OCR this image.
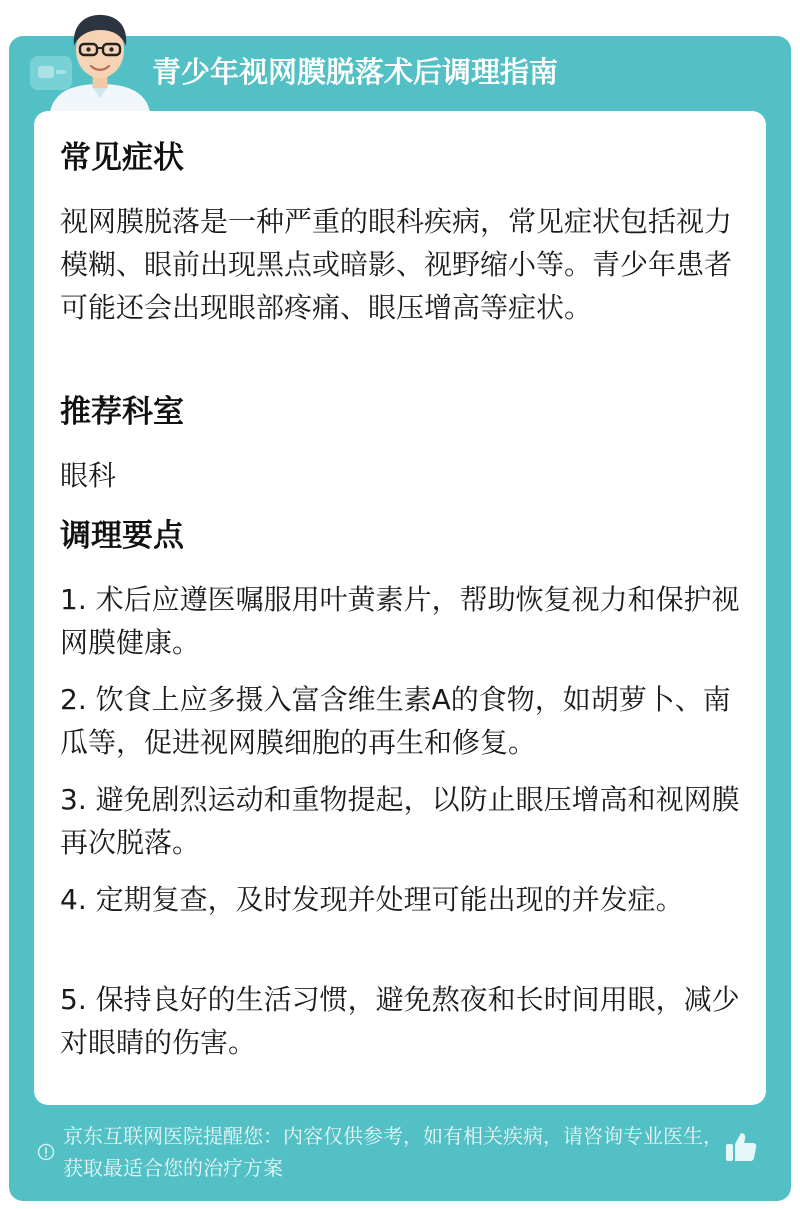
青少年视网膜脱落术后调理指南
常见症状
视网膜脱落是一种严重的眼科疾病，常见症状包括视力模糊、眼前出现黑点或暗影、视野缩小等。青少年患者可能还会出现眼部疼痛、眼压增高等症状。
推荐科室
眼科
调理要点
1. 术后应遵医嘱服用叶黄素片，帮助恢复视力和保护视网膜健康。
2. 饮食上应多摄入富含维生素A的食物，如胡萝卜、南瓜等，促进视网膜细胞的再生和修复。
3. 避免剧烈运动和重物提起，以防止眼压增高和视网膜再次脱落。
4. 定期复查，及时发现并处理可能出现的并发症。
5. 保持良好的生活习惯，避免熬夜和长时间用眼，减少对眼睛的伤害。
京东互联网医院提醒您：内容仅供参考，如有相关疾病，请咨询专业医生，获取最适合您的治疗方案
